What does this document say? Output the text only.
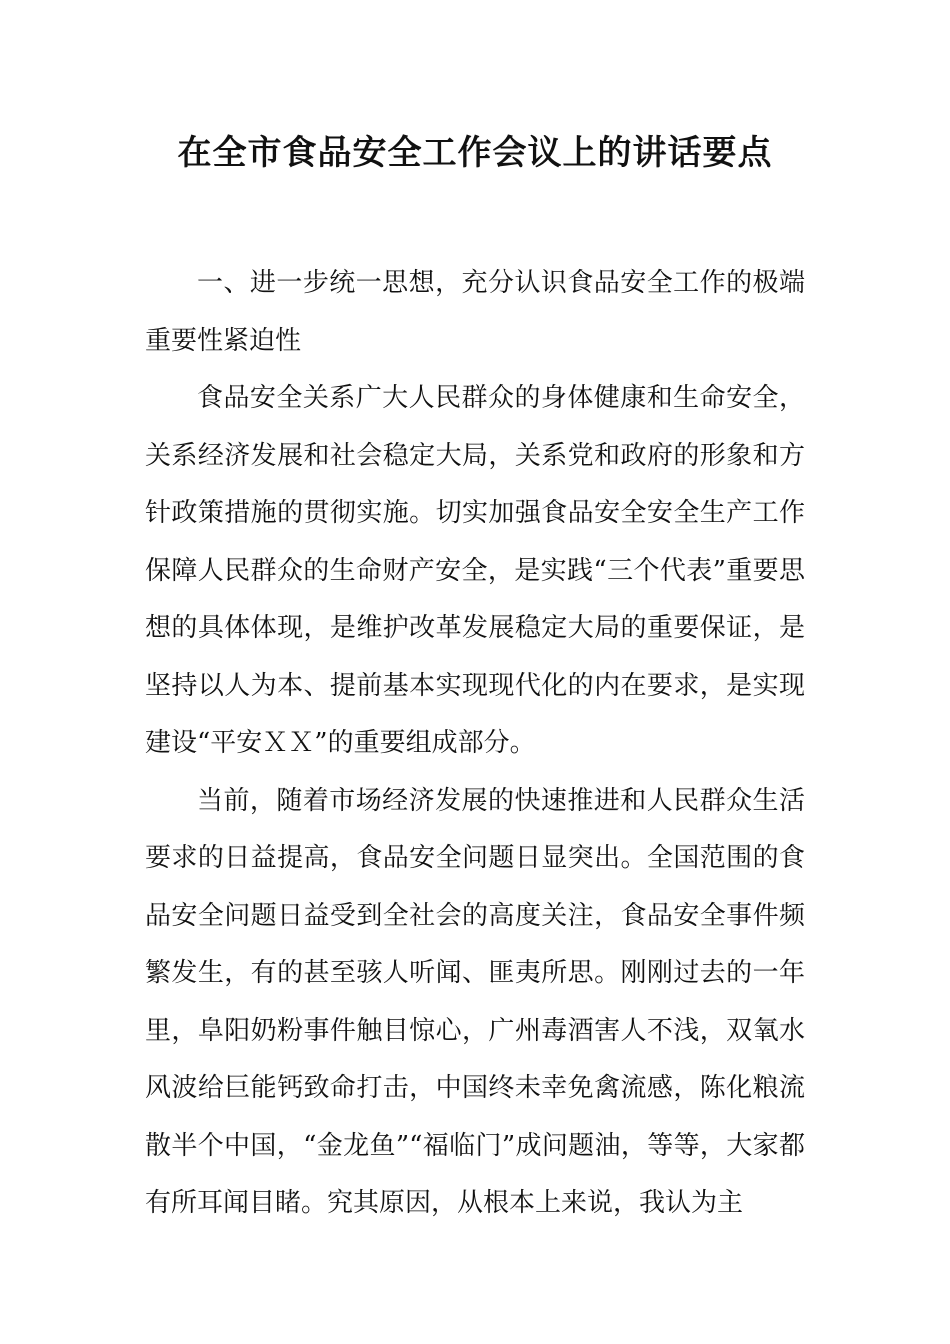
在全市食品安全工作会议上的讲话要点

一、进一步统一思想，充分认识食品安全工作的极端重要性紧迫性

食品安全关系广大人民群众的身体健康和生命安全，关系经济发展和社会稳定大局，关系党和政府的形象和方针政策措施的贯彻实施。切实加强食品安全安全生产工作保障人民群众的生命财产安全，是实践“三个代表”重要思想的具体体现，是维护改革发展稳定大局的重要保证，是坚持以人为本、提前基本实现现代化的内在要求，是实现建设“平安ＸＸ”的重要组成部分。

当前，随着市场经济发展的快速推进和人民群众生活要求的日益提高，食品安全问题日显突出。全国范围的食品安全问题日益受到全社会的高度关注，食品安全事件频繁发生，有的甚至骇人听闻、匪夷所思。刚刚过去的一年里，阜阳奶粉事件触目惊心，广州毒酒害人不浅，双氧水风波给巨能钙致命打击，中国终未幸免禽流感，陈化粮流散半个中国，“金龙鱼”“福临门”成问题油，等等，大家都有所耳闻目睹。究其原因，从根本上来说，我认为主
